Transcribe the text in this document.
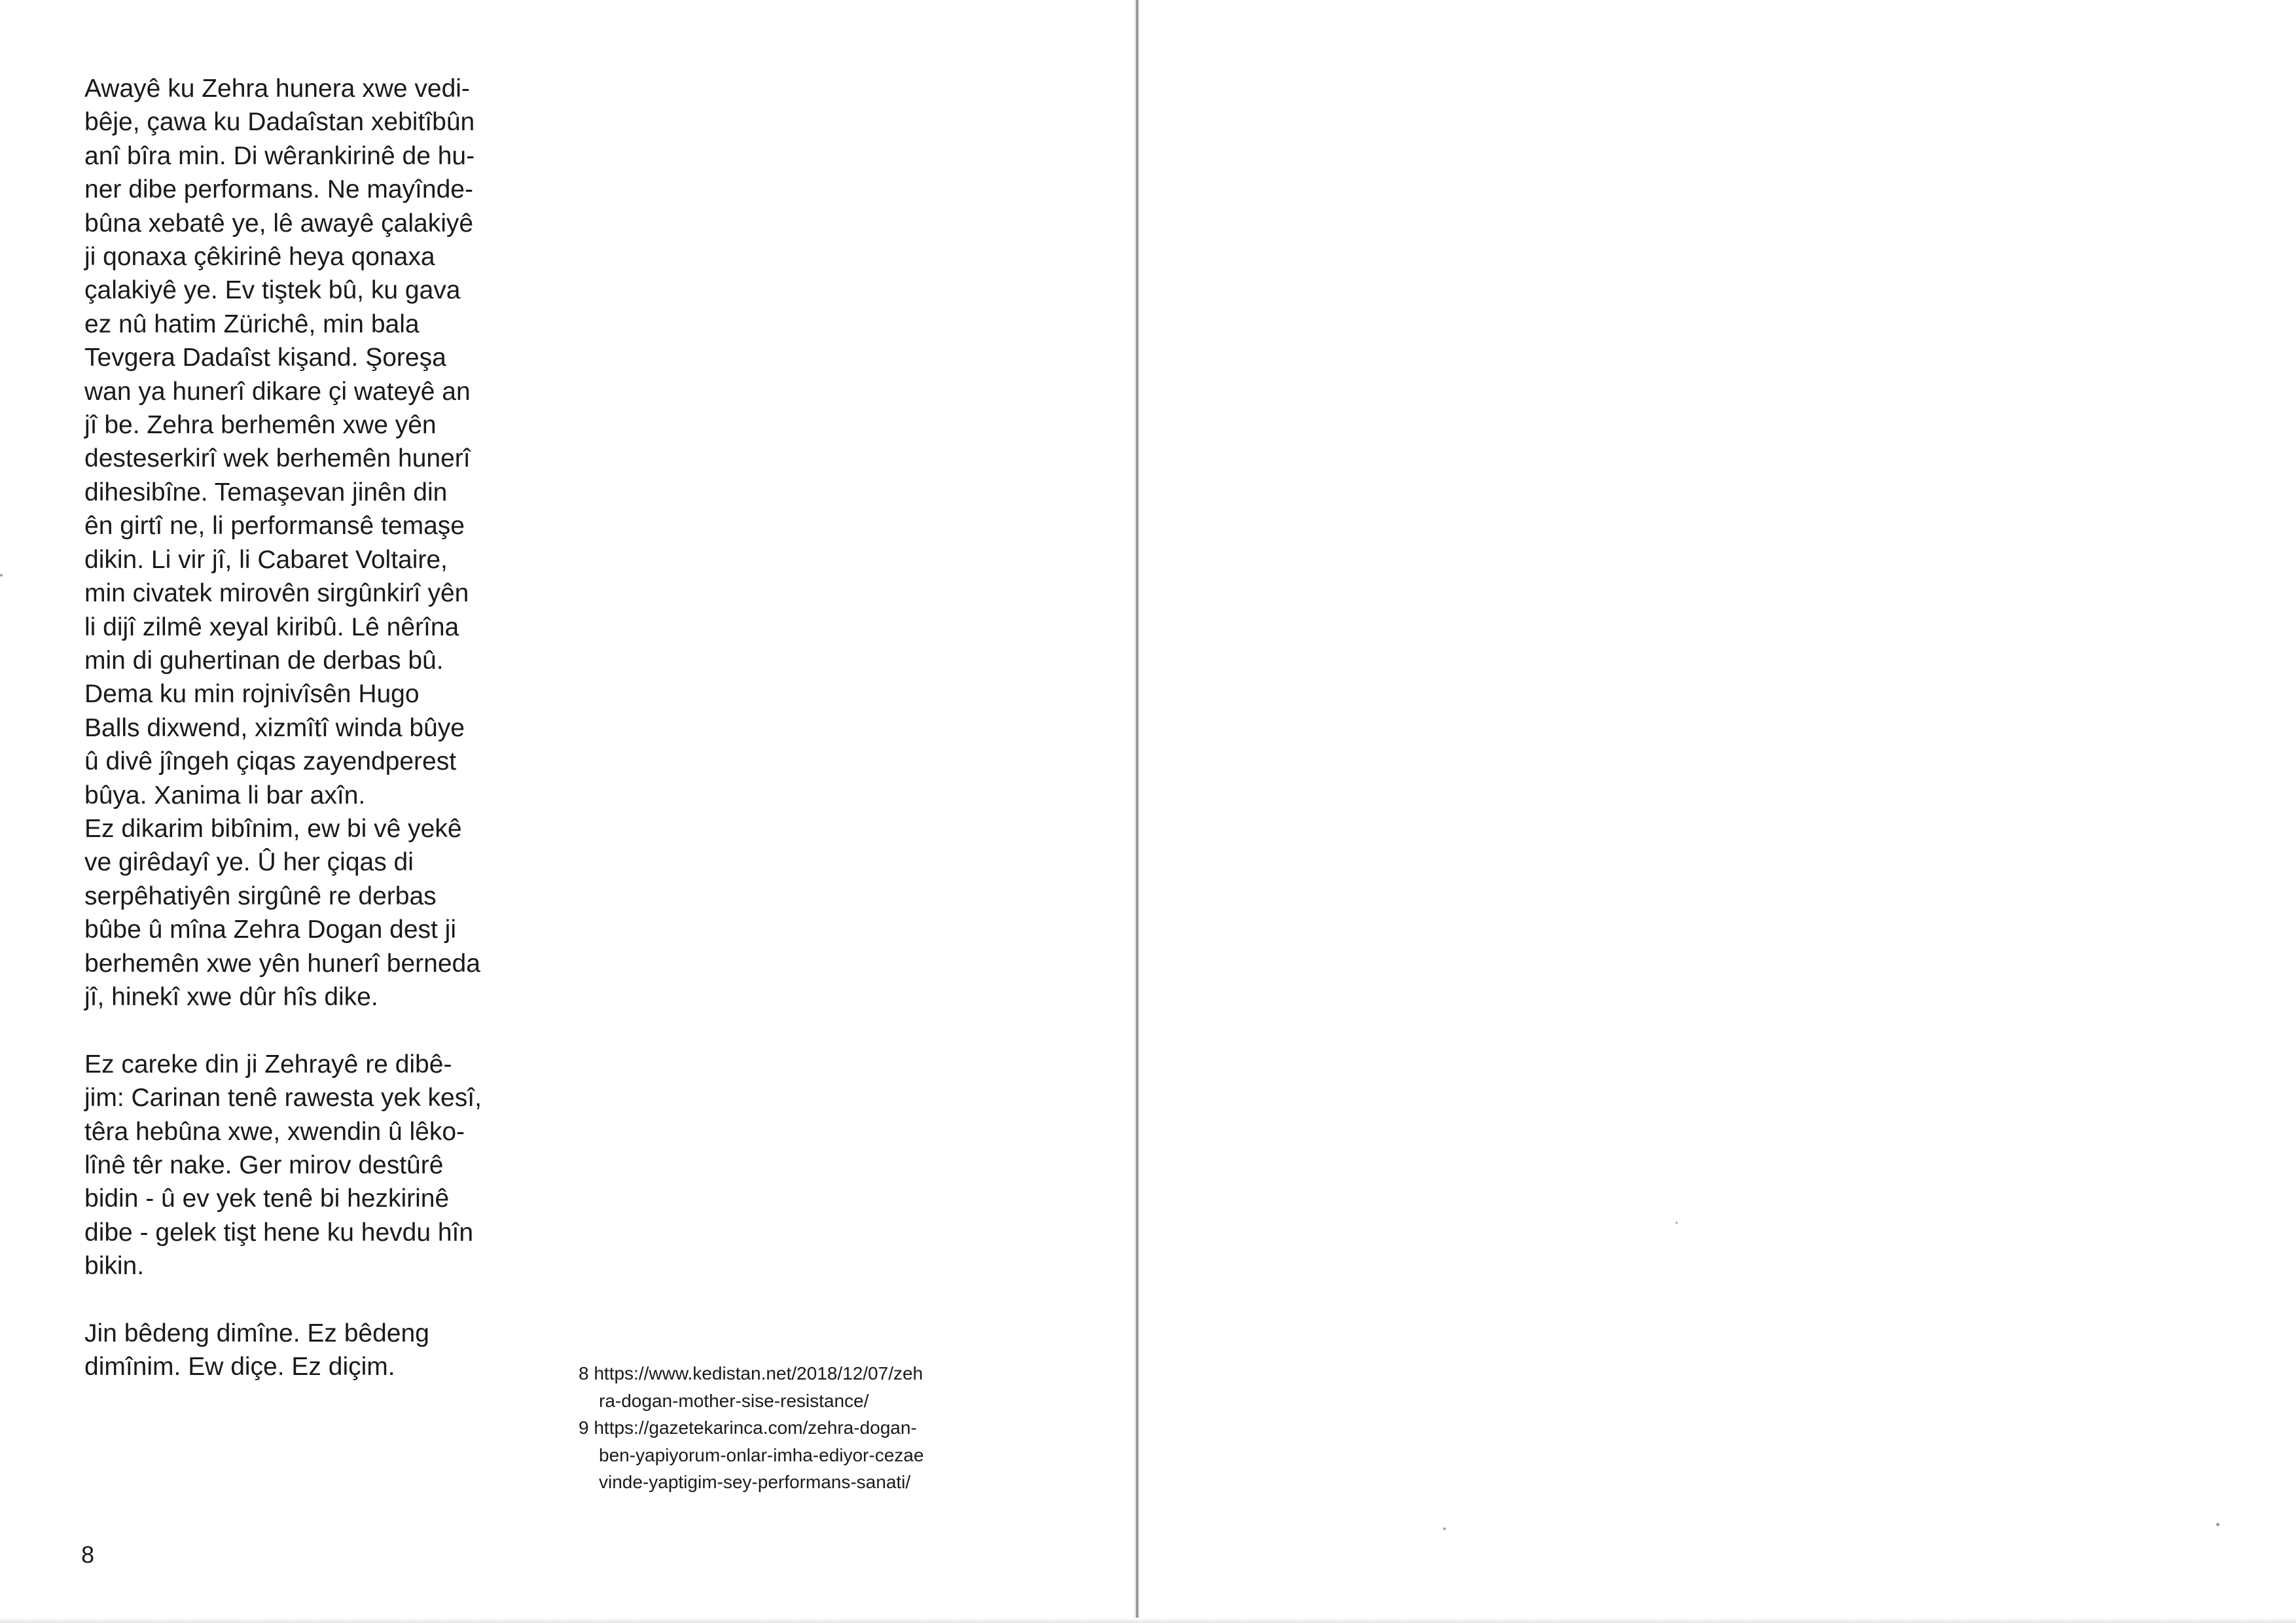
Awayê ku Zehra hunera xwe vedi-
bêje, çawa ku Dadaîstan xebitîbûn
anî bîra min. Di wêrankirinê de hu-
ner dibe performans. Ne mayînde-
bûna xebatê ye, lê awayê çalakiyê
ji qonaxa çêkirinê heya qonaxa
çalakiyê ye. Ev tiştek bû, ku gava
ez nû hatim Zürichê, min bala
Tevgera Dadaîst kişand. Şoreşa
wan ya hunerî dikare çi wateyê an
jî be. Zehra berhemên xwe yên
desteserkirî wek berhemên hunerî
dihesibîne. Temaşevan jinên din
ên girtî ne, li performansê temaşe
dikin. Li vir jî, li Cabaret Voltaire,
min civatek mirovên sirgûnkirî yên
li dijî zilmê xeyal kiribû. Lê nêrîna
min di guhertinan de derbas bû.
Dema ku min rojnivîsên Hugo
Balls dixwend, xizmîtî winda bûye
û divê jîngeh çiqas zayendperest
bûya. Xanima li bar axîn.
Ez dikarim bibînim, ew bi vê yekê
ve girêdayî ye. Û her çiqas di
serpêhatiyên sirgûnê re derbas
bûbe û mîna Zehra Dogan dest ji
berhemên xwe yên hunerî berneda
jî, hinekî xwe dûr hîs dike.
Ez careke din ji Zehrayê re dibê-
jim: Carinan tenê rawesta yek kesî,
têra hebûna xwe, xwendin û lêko-
lînê têr nake. Ger mirov destûrê
bidin - û ev yek tenê bi hezkirinê
dibe - gelek tişt hene ku hevdu hîn
bikin.
Jin bêdeng dimîne. Ez bêdeng
dimînim. Ew diçe. Ez diçim.	8 https://www.kedistan.net/2018/12/07/zeh
ra-dogan-mother-sise-resistance/
9 https://gazetekarinca.com/zehra-dogan-
ben-yapiyorum-onlar-imha-ediyor-cezae
vinde-yaptigim-sey-performans-sanati/
8
